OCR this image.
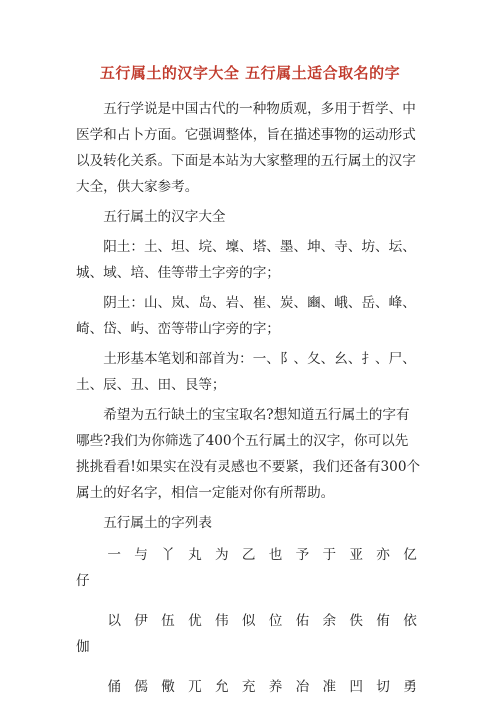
五行属土的汉字大全 五行属土适合取名的字

五行学说是中国古代的一种物质观，多用于哲学、中医学和占卜方面。它强调整体，旨在描述事物的运动形式以及转化关系。下面是本站为大家整理的五行属土的汉字大全，供大家参考。

五行属土的汉字大全

阳土：土、坦、垸、壈、塔、墨、坤、寺、坊、坛、城、域、培、佳等带土字旁的字；

阴土：山、岚、岛、岩、崔、炭、豳、峨、岳、峰、崎、岱、屿、峦等带山字旁的字；

土形基本笔划和部首为：一、阝、夂、幺、扌、尸、土、辰、丑、田、艮等；

希望为五行缺土的宝宝取名?想知道五行属土的字有哪些?我们为你筛选了400个五行属土的汉字，你可以先挑挑看看!如果实在没有灵感也不要紧，我们还备有300个属土的好名字，相信一定能对你有所帮助。

五行属土的字列表

一 与 丫 丸 为 乙 也 予 于 亚 亦 亿
仔
以 伊 伍 优 伟 似 位 佑 余 佚 侑 依
伽
俑 傿 儆 兀 允 充 养 冶 准 凹 切 勇
